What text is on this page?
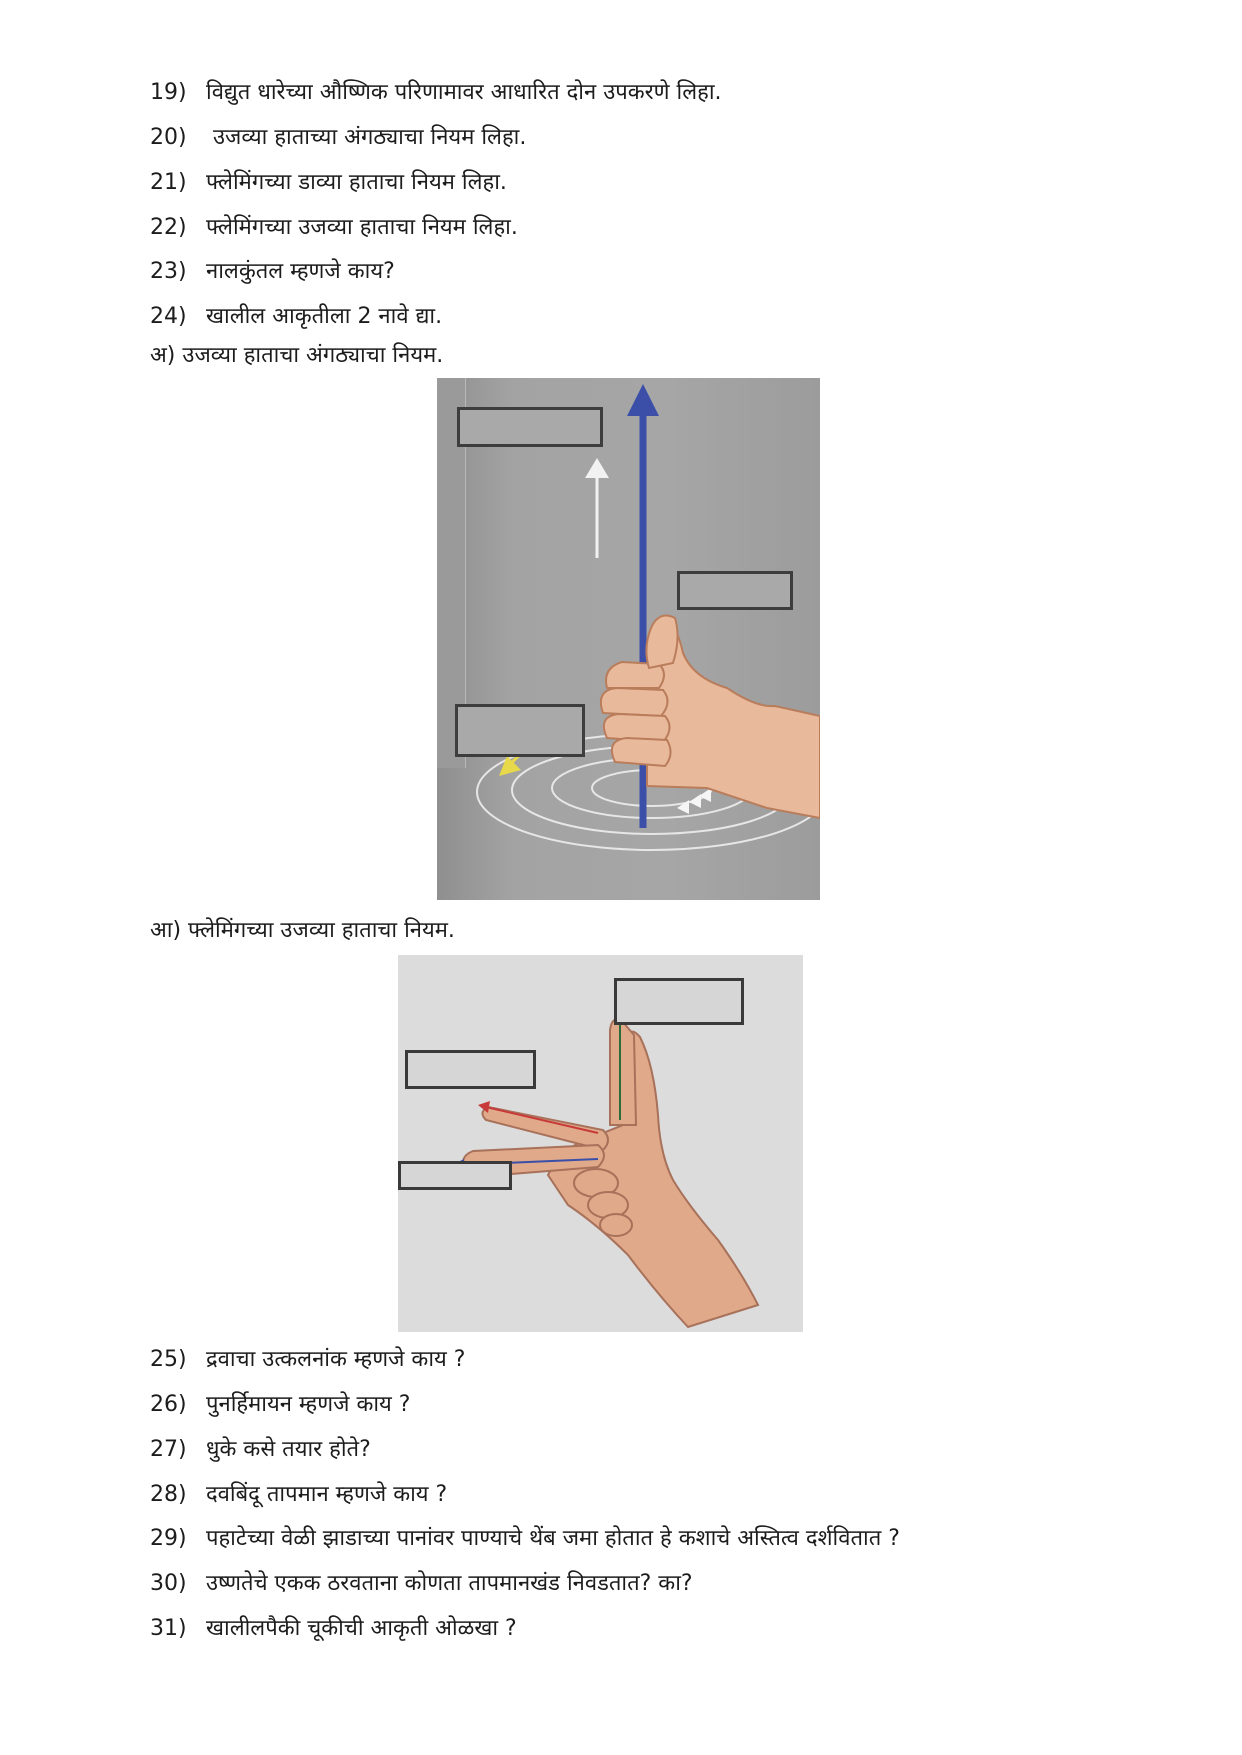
19) विद्युत धारेच्या औष्णिक परिणामावर आधारित दोन उपकरणे लिहा.
20) उजव्या हाताच्या अंगठ्याचा नियम लिहा.
21) फ्लेमिंगच्या डाव्या हाताचा नियम लिहा.
22) फ्लेमिंगच्या उजव्या हाताचा नियम लिहा.
23) नालकुंतल म्हणजे काय?
24) खालील आकृतीला 2 नावे द्या.
अ) उजव्या हाताचा अंगठ्याचा नियम.
आ) फ्लेमिंगच्या उजव्या हाताचा नियम.
25) द्रवाचा उत्कलनांक म्हणजे काय ?
26) पुनर्हिमायन म्हणजे काय ?
27) धुके कसे तयार होते?
28) दवबिंदू तापमान म्हणजे काय ?
29) पहाटेच्या वेळी झाडाच्या पानांवर पाण्याचे थेंब जमा होतात हे कशाचे अस्तित्व दर्शवितात ?
30) उष्णतेचे एकक ठरवताना कोणता तापमानखंड निवडतात? का?
31) खालीलपैकी चूकीची आकृती ओळखा ?
